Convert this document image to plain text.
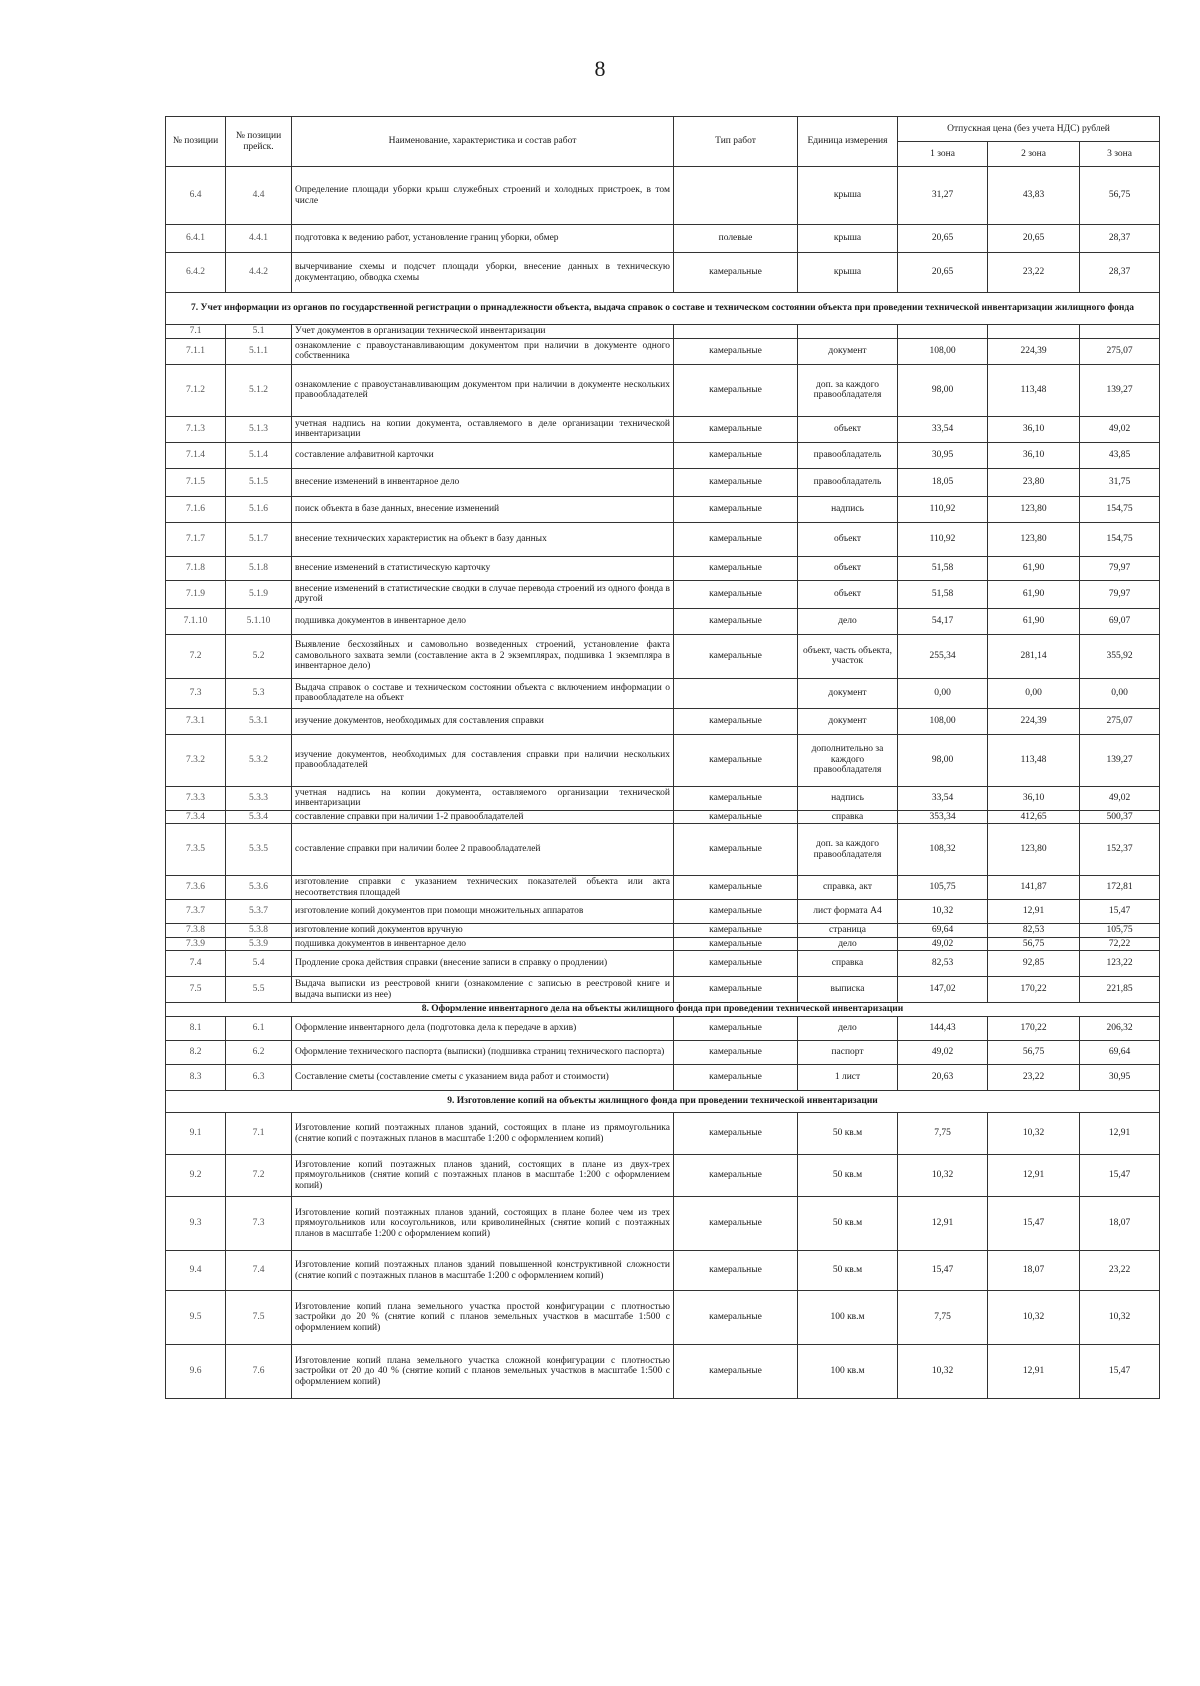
8
№ позиции	№ позиции прейск.	Наименование, характеристика и состав работ	Тип работ	Единица измерения	Отпускная цена (без учета НДС) рублей		
					1 зона	2 зона	3 зона
6.4	4.4	Определение площади уборки крыш служебных строений и холодных пристроек, в том числе		крыша	31,27	43,83	56,75
6.4.1	4.4.1	подготовка к ведению работ, установление границ уборки, обмер	полевые	крыша	20,65	20,65	28,37
6.4.2	4.4.2	вычерчивание схемы и подсчет площади уборки, внесение данных в техническую документацию, обводка схемы	камеральные	крыша	20,65	23,22	28,37
7. Учет информации из органов по государственной регистрации о принадлежности объекта, выдача справок о составе и техническом состоянии объекта при проведении технической инвентаризации жилищного фонда							
7.1	5.1	Учет документов в организации технической инвентаризации					
7.1.1	5.1.1	ознакомление с правоустанавливающим документом при наличии в документе одного собственника	камеральные	документ	108,00	224,39	275,07
7.1.2	5.1.2	ознакомление с правоустанавливающим документом при наличии в документе нескольких правообладателей	камеральные	доп. за каждого правообладателя	98,00	113,48	139,27
7.1.3	5.1.3	учетная надпись на копии документа, оставляемого в деле организации технической инвентаризации	камеральные	объект	33,54	36,10	49,02
7.1.4	5.1.4	составление алфавитной карточки	камеральные	правообладатель	30,95	36,10	43,85
7.1.5	5.1.5	внесение изменений в инвентарное дело	камеральные	правообладатель	18,05	23,80	31,75
7.1.6	5.1.6	поиск объекта в базе данных, внесение изменений	камеральные	надпись	110,92	123,80	154,75
7.1.7	5.1.7	внесение технических характеристик на объект в базу данных	камеральные	объект	110,92	123,80	154,75
7.1.8	5.1.8	внесение изменений в статистическую карточку	камеральные	объект	51,58	61,90	79,97
7.1.9	5.1.9	внесение изменений в статистические сводки в случае перевода строений из одного фонда в другой	камеральные	объект	51,58	61,90	79,97
7.1.10	5.1.10	подшивка документов в инвентарное дело	камеральные	дело	54,17	61,90	69,07
7.2	5.2	Выявление бесхозяйных и самовольно возведенных строений, установление факта самовольного захвата земли (составление акта в 2 экземплярах, подшивка 1 экземпляра в инвентарное дело)	камеральные	объект, часть объекта, участок	255,34	281,14	355,92
7.3	5.3	Выдача справок о составе и техническом состоянии объекта с включением информации о правообладателе на объект		документ	0,00	0,00	0,00
7.3.1	5.3.1	изучение документов, необходимых для составления справки	камеральные	документ	108,00	224,39	275,07
7.3.2	5.3.2	изучение документов, необходимых для составления справки при наличии нескольких правообладателей	камеральные	дополнительно за каждого правообладателя	98,00	113,48	139,27
7.3.3	5.3.3	учетная надпись на копии документа, оставляемого организации технической инвентаризации	камеральные	надпись	33,54	36,10	49,02
7.3.4	5.3.4	составление справки при наличии 1-2 правообладателей	камеральные	справка	353,34	412,65	500,37
7.3.5	5.3.5	составление справки при наличии более 2 правообладателей	камеральные	доп. за каждого правообладателя	108,32	123,80	152,37
7.3.6	5.3.6	изготовление справки с указанием технических показателей объекта или акта несоответствия площадей	камеральные	справка, акт	105,75	141,87	172,81
7.3.7	5.3.7	изготовление копий документов при помощи множительных аппаратов	камеральные	лист формата А4	10,32	12,91	15,47
7.3.8	5.3.8	изготовление копий документов вручную	камеральные	страница	69,64	82,53	105,75
7.3.9	5.3.9	подшивка документов в инвентарное дело	камеральные	дело	49,02	56,75	72,22
7.4	5.4	Продление срока действия справки (внесение записи в справку о продлении)	камеральные	справка	82,53	92,85	123,22
7.5	5.5	Выдача выписки из реестровой книги (ознакомление с записью в реестровой книге и выдача выписки из нее)	камеральные	выписка	147,02	170,22	221,85
8. Оформление инвентарного дела на объекты жилищного фонда при проведении технической инвентаризации							
8.1	6.1	Оформление инвентарного дела (подготовка дела к передаче в архив)	камеральные	дело	144,43	170,22	206,32
8.2	6.2	Оформление технического паспорта (выписки) (подшивка страниц технического паспорта)	камеральные	паспорт	49,02	56,75	69,64
8.3	6.3	Составление сметы (составление сметы с указанием вида работ и стоимости)	камеральные	1 лист	20,63	23,22	30,95
9. Изготовление копий на объекты жилищного фонда при проведении технической инвентаризации							
9.1	7.1	Изготовление копий поэтажных планов зданий, состоящих в плане из прямоугольника (снятие копий с поэтажных планов в масштабе 1:200 с оформлением копий)	камеральные	50 кв.м	7,75	10,32	12,91
9.2	7.2	Изготовление копий поэтажных планов зданий, состоящих в плане из двух-трех прямоугольников (снятие копий с поэтажных планов в масштабе 1:200 с оформлением копий)	камеральные	50 кв.м	10,32	12,91	15,47
9.3	7.3	Изготовление копий поэтажных планов зданий, состоящих в плане более чем из трех прямоугольников или косоугольников, или криволинейных (снятие копий с поэтажных планов в масштабе 1:200 с оформлением копий)	камеральные	50 кв.м	12,91	15,47	18,07
9.4	7.4	Изготовление копий поэтажных планов зданий повышенной конструктивной сложности (снятие копий с поэтажных планов в масштабе 1:200 с оформлением копий)	камеральные	50 кв.м	15,47	18,07	23,22
9.5	7.5	Изготовление копий плана земельного участка простой конфигурации с плотностью застройки до 20 % (снятие копий с планов земельных участков в масштабе 1:500 с оформлением копий)	камеральные	100 кв.м	7,75	10,32	10,32
9.6	7.6	Изготовление копий плана земельного участка сложной конфигурации с плотностью застройки от 20 до 40 % (снятие копий с планов земельных участков в масштабе 1:500 с оформлением копий)	камеральные	100 кв.м	10,32	12,91	15,47
